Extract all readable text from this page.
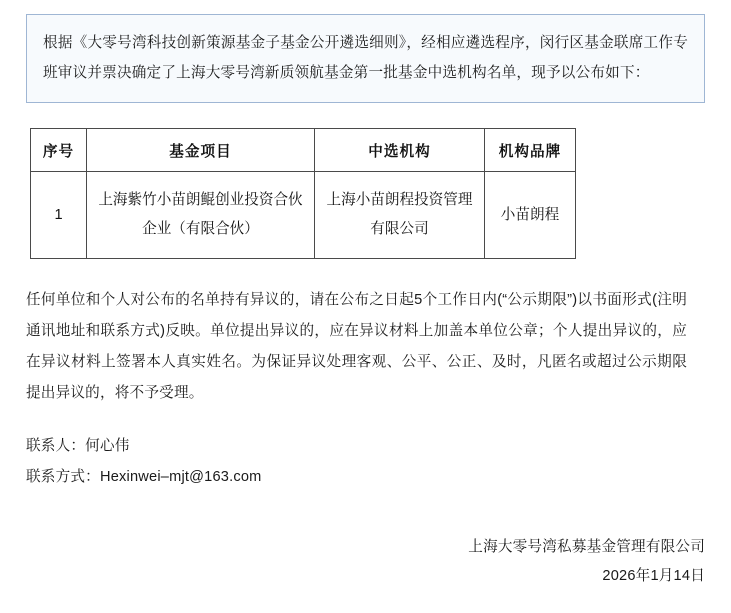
根据《大零号湾科技创新策源基金子基金公开遴选细则》，经相应遴选程序，闵行区基金联席工作专班审议并票决确定了上海大零号湾新质领航基金第一批基金中选机构名单，现予以公布如下：
序号	基金项目	中选机构	机构品牌
1	上海紫竹小苗朗鲲创业投资合伙企业（有限合伙）	上海小苗朗程投资管理有限公司	小苗朗程
任何单位和个人对公布的名单持有异议的，请在公布之日起5个工作日内(“公示期限”)以书面形式(注明通讯地址和联系方式)反映。单位提出异议的，应在异议材料上加盖本单位公章；个人提出异议的，应在异议材料上签署本人真实姓名。为保证异议处理客观、公平、公正、及时，凡匿名或超过公示期限提出异议的，将不予受理。
联系人：何心伟
联系方式：Hexinwei–mjt@163.com
上海大零号湾私募基金管理有限公司
2026年1月14日
